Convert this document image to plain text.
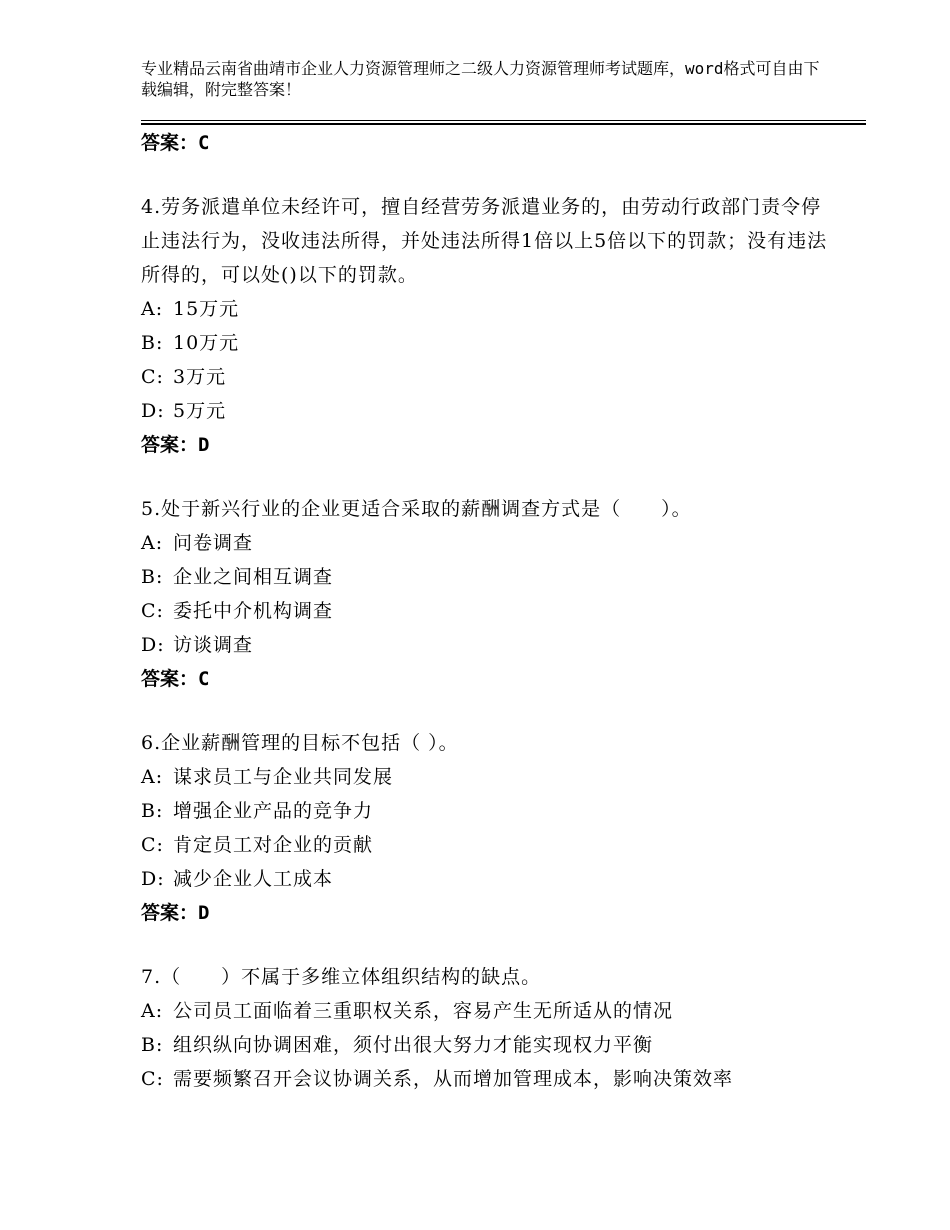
专业精品云南省曲靖市企业人力资源管理师之二级人力资源管理师考试题库，word格式可自由下载编辑，附完整答案！
答案：C
4.劳务派遣单位未经许可，擅自经营劳务派遣业务的，由劳动行政部门责令停止违法行为，没收违法所得，并处违法所得1倍以上5倍以下的罚款；没有违法所得的，可以处()以下的罚款。
A: 15万元
B: 10万元
C: 3万元
D: 5万元
答案：D
5.处于新兴行业的企业更适合采取的薪酬调查方式是（　　）。
A: 问卷调查
B: 企业之间相互调查
C: 委托中介机构调查
D: 访谈调查
答案：C
6.企业薪酬管理的目标不包括（ ）。
A: 谋求员工与企业共同发展
B: 增强企业产品的竞争力
C: 肯定员工对企业的贡献
D: 减少企业人工成本
答案：D
7.（　　）不属于多维立体组织结构的缺点。
A: 公司员工面临着三重职权关系，容易产生无所适从的情况
B: 组织纵向协调困难，须付出很大努力才能实现权力平衡
C: 需要频繁召开会议协调关系，从而增加管理成本，影响决策效率
